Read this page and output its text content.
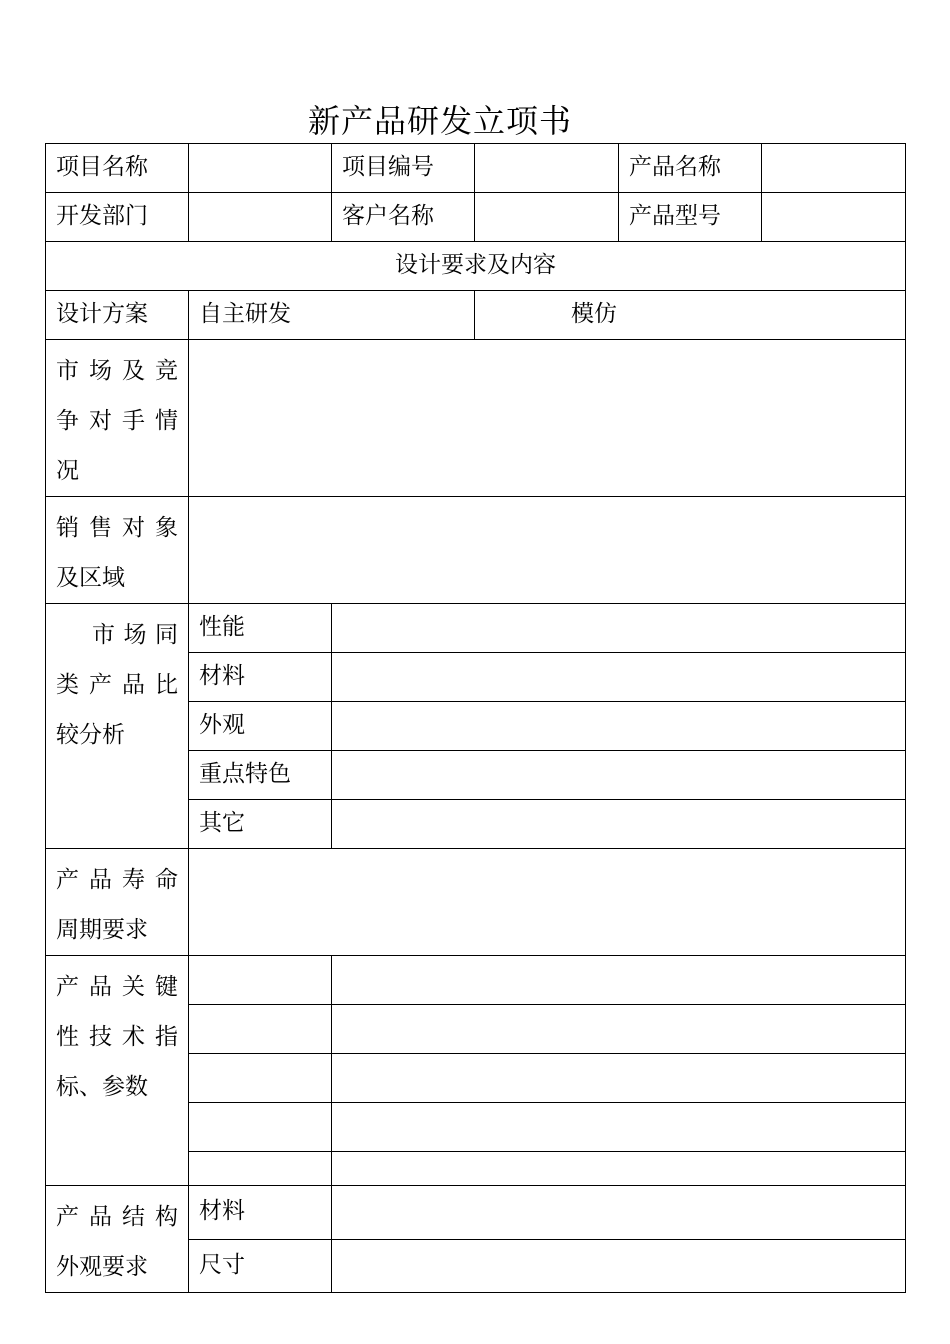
新产品研发立项书
项目名称		项目编号		产品名称	
开发部门		客户名称		产品型号	
设计要求及内容					
设计方案	自主研发		模仿		

市 场 及 竞 争 对 手 情 况					

销 售 对 象 及区域					

市 场 同 类 产 品 比 较分析	性能				
	材料				
	外观				
	重点特色				
	其它				

产 品 寿 命 周期要求					

产 品 关 键 性 技 术 指 标、参数					

产 品 结 构 外观要求	材料				
	尺寸				
